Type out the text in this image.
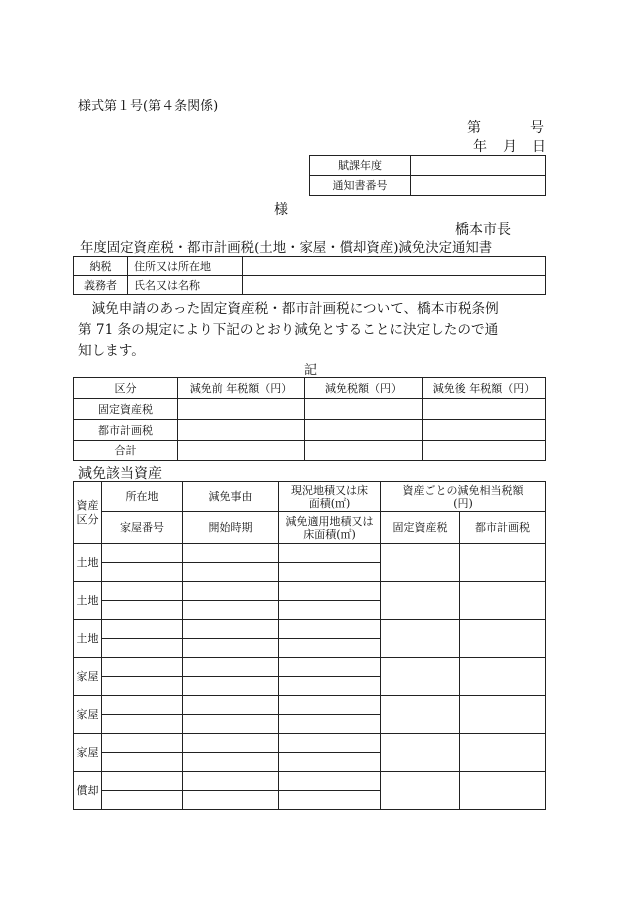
様式第１号(第４条関係)
第	号
年 月 日
賦課年度	
通知書番号	
様
橋本市長
年度固定資産税・都市計画税(土地・家屋・償却資産)減免決定通知書
納税	住所又は所在地	
義務者	氏名又は名称	
　減免申請のあった固定資産税・都市計画税について、橋本市税条例
第 71 条の規定により下記のとおり減免とすることに決定したので通
知します。
記
区分	減免前 年税額（円）	減免税額（円）	減免後 年税額（円）
固定資産税			
都市計画税			
合計			
減免該当資産
資産区分	所在地	減免事由	現況地積又は床面積(㎡)	資産ごとの減免相当税額(円)	
	家屋番号	開始時期	減免適用地積又は床面積(㎡)	固定資産税	都市計画税
土地					

土地					

土地					

家屋					

家屋					

家屋					

償却					
